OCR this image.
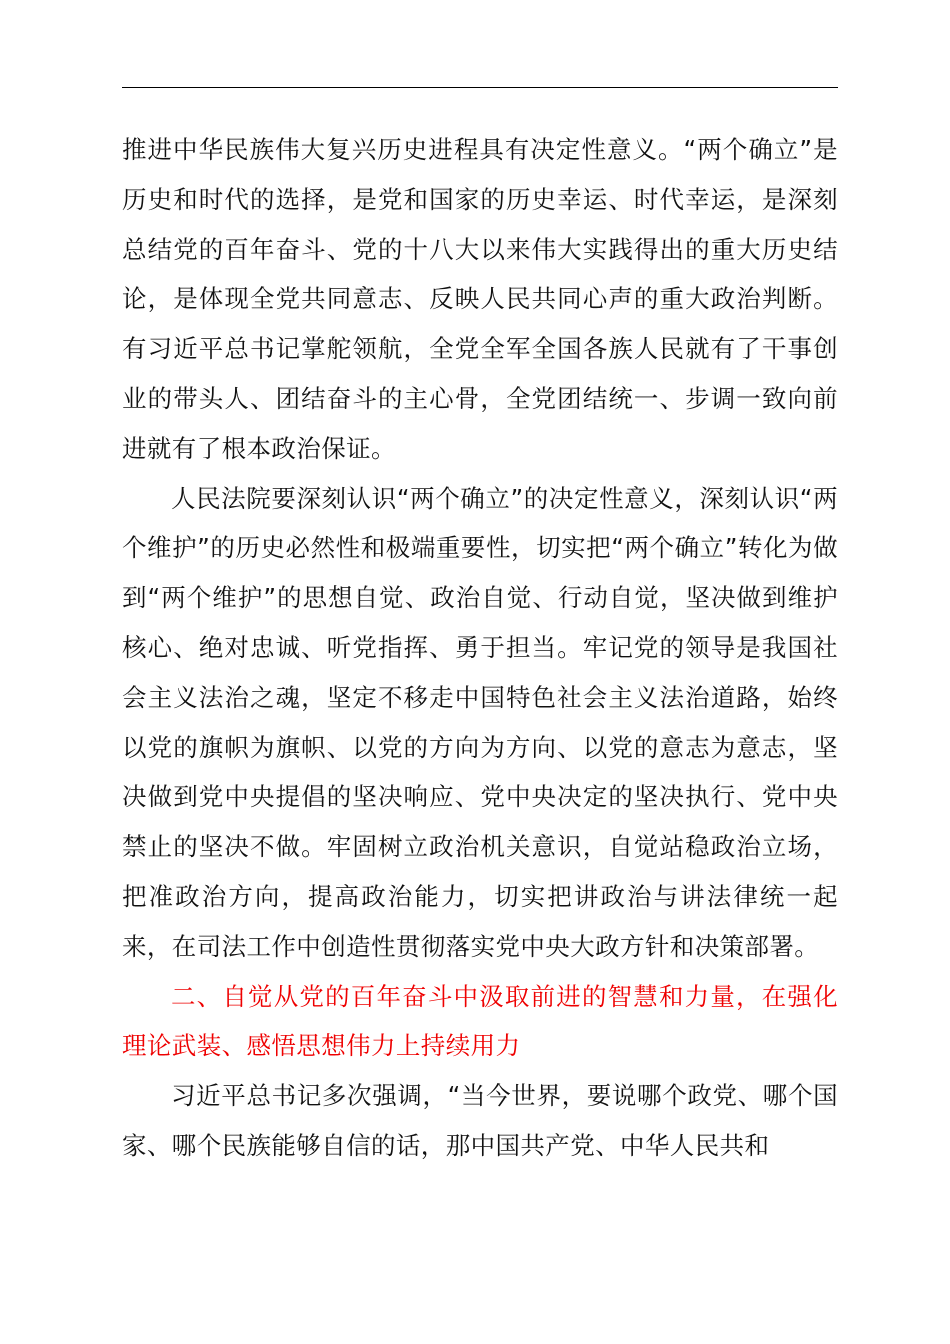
推进中华民族伟大复兴历史进程具有决定性意义。“两个确立”是历史和时代的选择，是党和国家的历史幸运、时代幸运，是深刻总结党的百年奋斗、党的十八大以来伟大实践得出的重大历史结论，是体现全党共同意志、反映人民共同心声的重大政治判断。有习近平总书记掌舵领航，全党全军全国各族人民就有了干事创业的带头人、团结奋斗的主心骨，全党团结统一、步调一致向前进就有了根本政治保证。

人民法院要深刻认识“两个确立”的决定性意义，深刻认识“两个维护”的历史必然性和极端重要性，切实把“两个确立”转化为做到“两个维护”的思想自觉、政治自觉、行动自觉，坚决做到维护核心、绝对忠诚、听党指挥、勇于担当。牢记党的领导是我国社会主义法治之魂，坚定不移走中国特色社会主义法治道路，始终以党的旗帜为旗帜、以党的方向为方向、以党的意志为意志，坚决做到党中央提倡的坚决响应、党中央决定的坚决执行、党中央禁止的坚决不做。牢固树立政治机关意识，自觉站稳政治立场，把准政治方向，提高政治能力，切实把讲政治与讲法律统一起来，在司法工作中创造性贯彻落实党中央大政方针和决策部署。

二、自觉从党的百年奋斗中汲取前进的智慧和力量，在强化理论武装、感悟思想伟力上持续用力

习近平总书记多次强调，“当今世界，要说哪个政党、哪个国家、哪个民族能够自信的话，那中国共产党、中华人民共和
